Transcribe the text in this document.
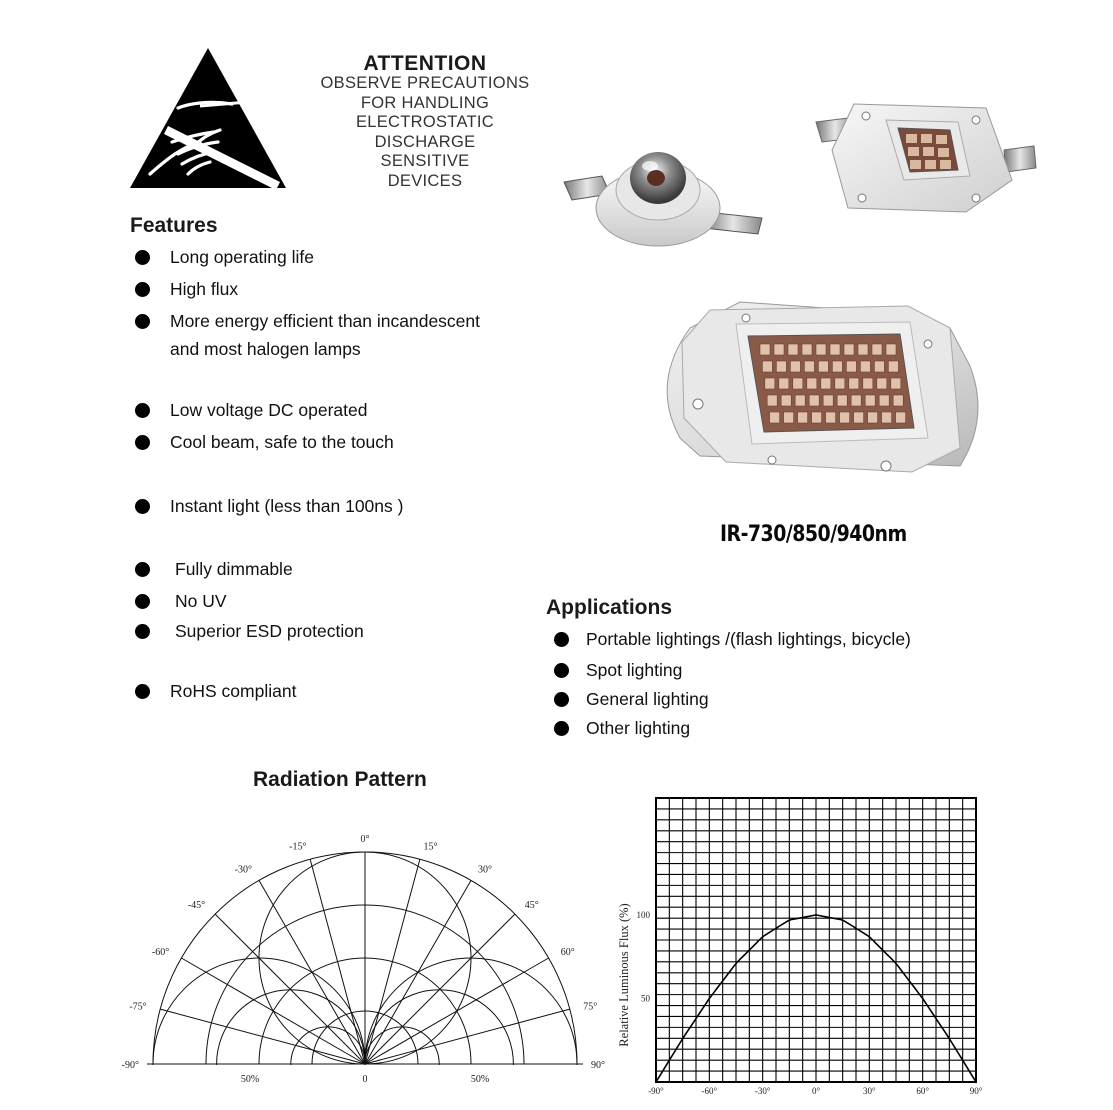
ATTENTION
OBSERVE PRECAUTIONS
FOR HANDLING
ELECTROSTATIC
DISCHARGE
SENSITIVE
DEVICES
Features
Long operating life
High flux
More energy efficient than incandescent
and most halogen lamps
Low voltage DC operated
Cool beam, safe to the touch
Instant light (less than 100ns )
Fully dimmable
No UV
Superior ESD protection
RoHS compliant
IR-730/850/940nm
Applications
Portable lightings /(flash lightings, bicycle)
Spot lighting
General lighting
Other lighting
Radiation Pattern
0°
15°
30°
45°
60°
75°
90°
-15°
-30°
-45°
-60°
-75°
-90°
50%	0	50%
-90°	-60°	-30°	0°	30°	60°	90°
50
100
Relative Luminous Flux (%)
